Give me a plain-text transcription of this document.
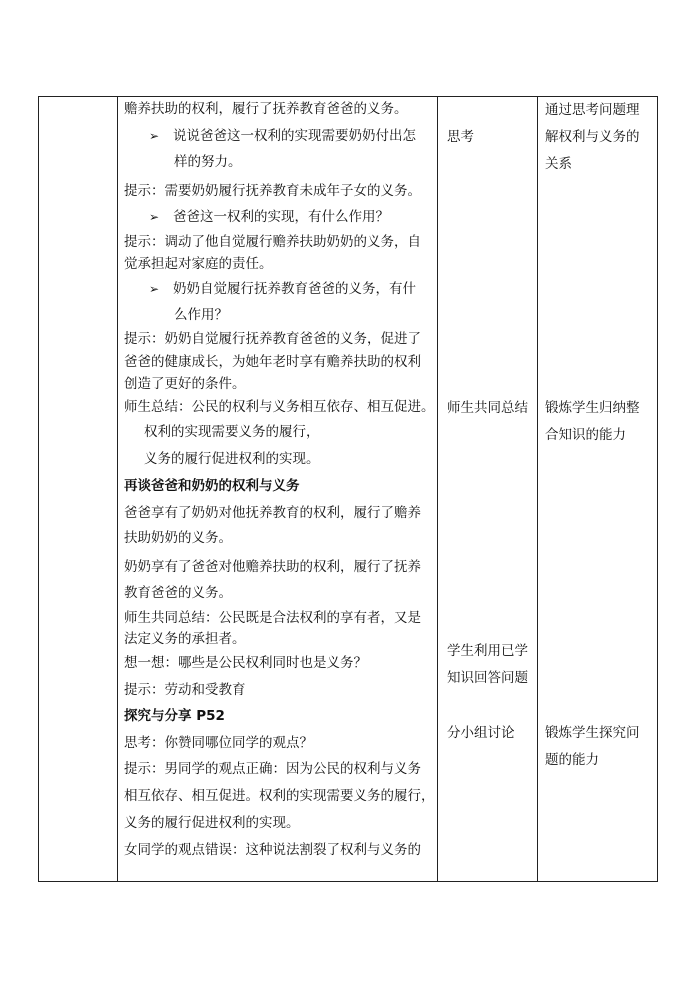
赡养扶助的权利，履行了抚养教育爸爸的义务。
➢ 说说爸爸这一权利的实现需要奶奶付出怎
样的努力。
提示：需要奶奶履行抚养教育未成年子女的义务。
➢ 爸爸这一权利的实现，有什么作用？
提示：调动了他自觉履行赡养扶助奶奶的义务，自
觉承担起对家庭的责任。
➢ 奶奶自觉履行抚养教育爸爸的义务，有什
么作用？
提示：奶奶自觉履行抚养教育爸爸的义务，促进了
爸爸的健康成长，为她年老时享有赡养扶助的权利
创造了更好的条件。
师生总结：公民的权利与义务相互依存、相互促进。
权利的实现需要义务的履行，
义务的履行促进权利的实现。
再谈爸爸和奶奶的权利与义务
爸爸享有了奶奶对他抚养教育的权利，履行了赡养
扶助奶奶的义务。
奶奶享有了爸爸对他赡养扶助的权利，履行了抚养
教育爸爸的义务。
师生共同总结：公民既是合法权利的享有者，又是
法定义务的承担者。
想一想：哪些是公民权利同时也是义务？
提示：劳动和受教育
探究与分享 P52
思考：你赞同哪位同学的观点？
提示：男同学的观点正确：因为公民的权利与义务
相互依存、相互促进。权利的实现需要义务的履行，
义务的履行促进权利的实现。
女同学的观点错误：这种说法割裂了权利与义务的
思考
师生共同总结
学生利用已学
知识回答问题
分小组讨论
通过思考问题理
解权利与义务的
关系
锻炼学生归纳整
合知识的能力
锻炼学生探究问
题的能力
